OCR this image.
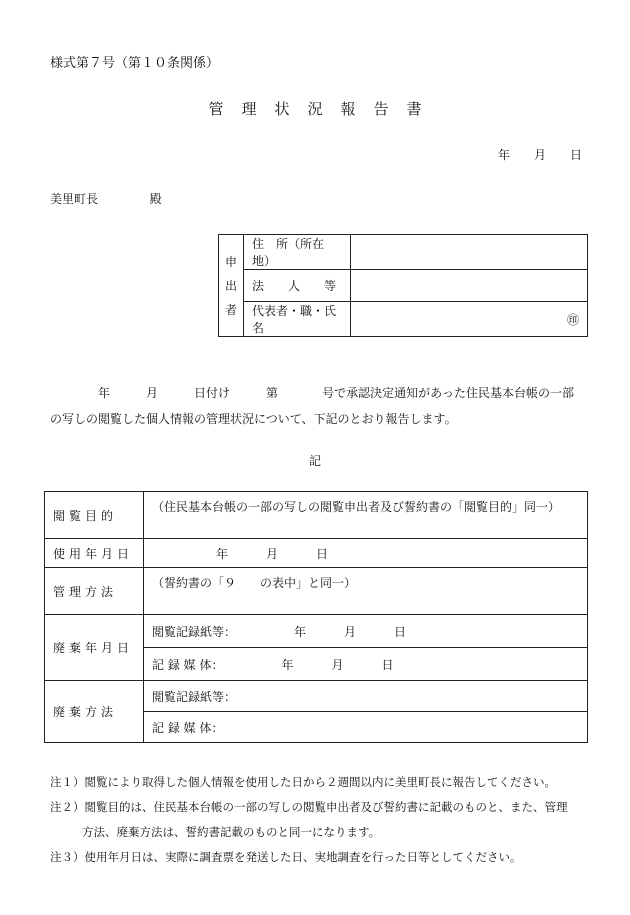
様式第７号（第１０条関係）
管理状況報告書
年 月 日
美里町長	殿
申
出
者	住　所（所在地）	
	法　　人　　等	
	代表者・職・氏名	㊞
年	月	日付け	第	号で承認決定通知があった住民基本台帳の一部
の写しの閲覧した個人情報の管理状況について、下記のとおり報告します。
記
閲覧目的	（住民基本台帳の一部の写しの閲覧申出者及び誓約書の「閲覧目的」同一）
使用年月日	年 月 日
管理方法	（誓約書の「９　　の表中」と同一）
廃棄年月日	閲覧記録紙等： 年 月 日
	記 録 媒 体： 年 月 日
廃棄方法	閲覧記録紙等：
	記 録 媒 体：
注１）閲覧により取得した個人情報を使用した日から２週間以内に美里町長に報告してください。
注２）閲覧目的は、住民基本台帳の一部の写しの閲覧申出者及び誓約書に記載のものと、また、管理
方法、廃棄方法は、誓約書記載のものと同一になります。
注３）使用年月日は、実際に調査票を発送した日、実地調査を行った日等としてください。
